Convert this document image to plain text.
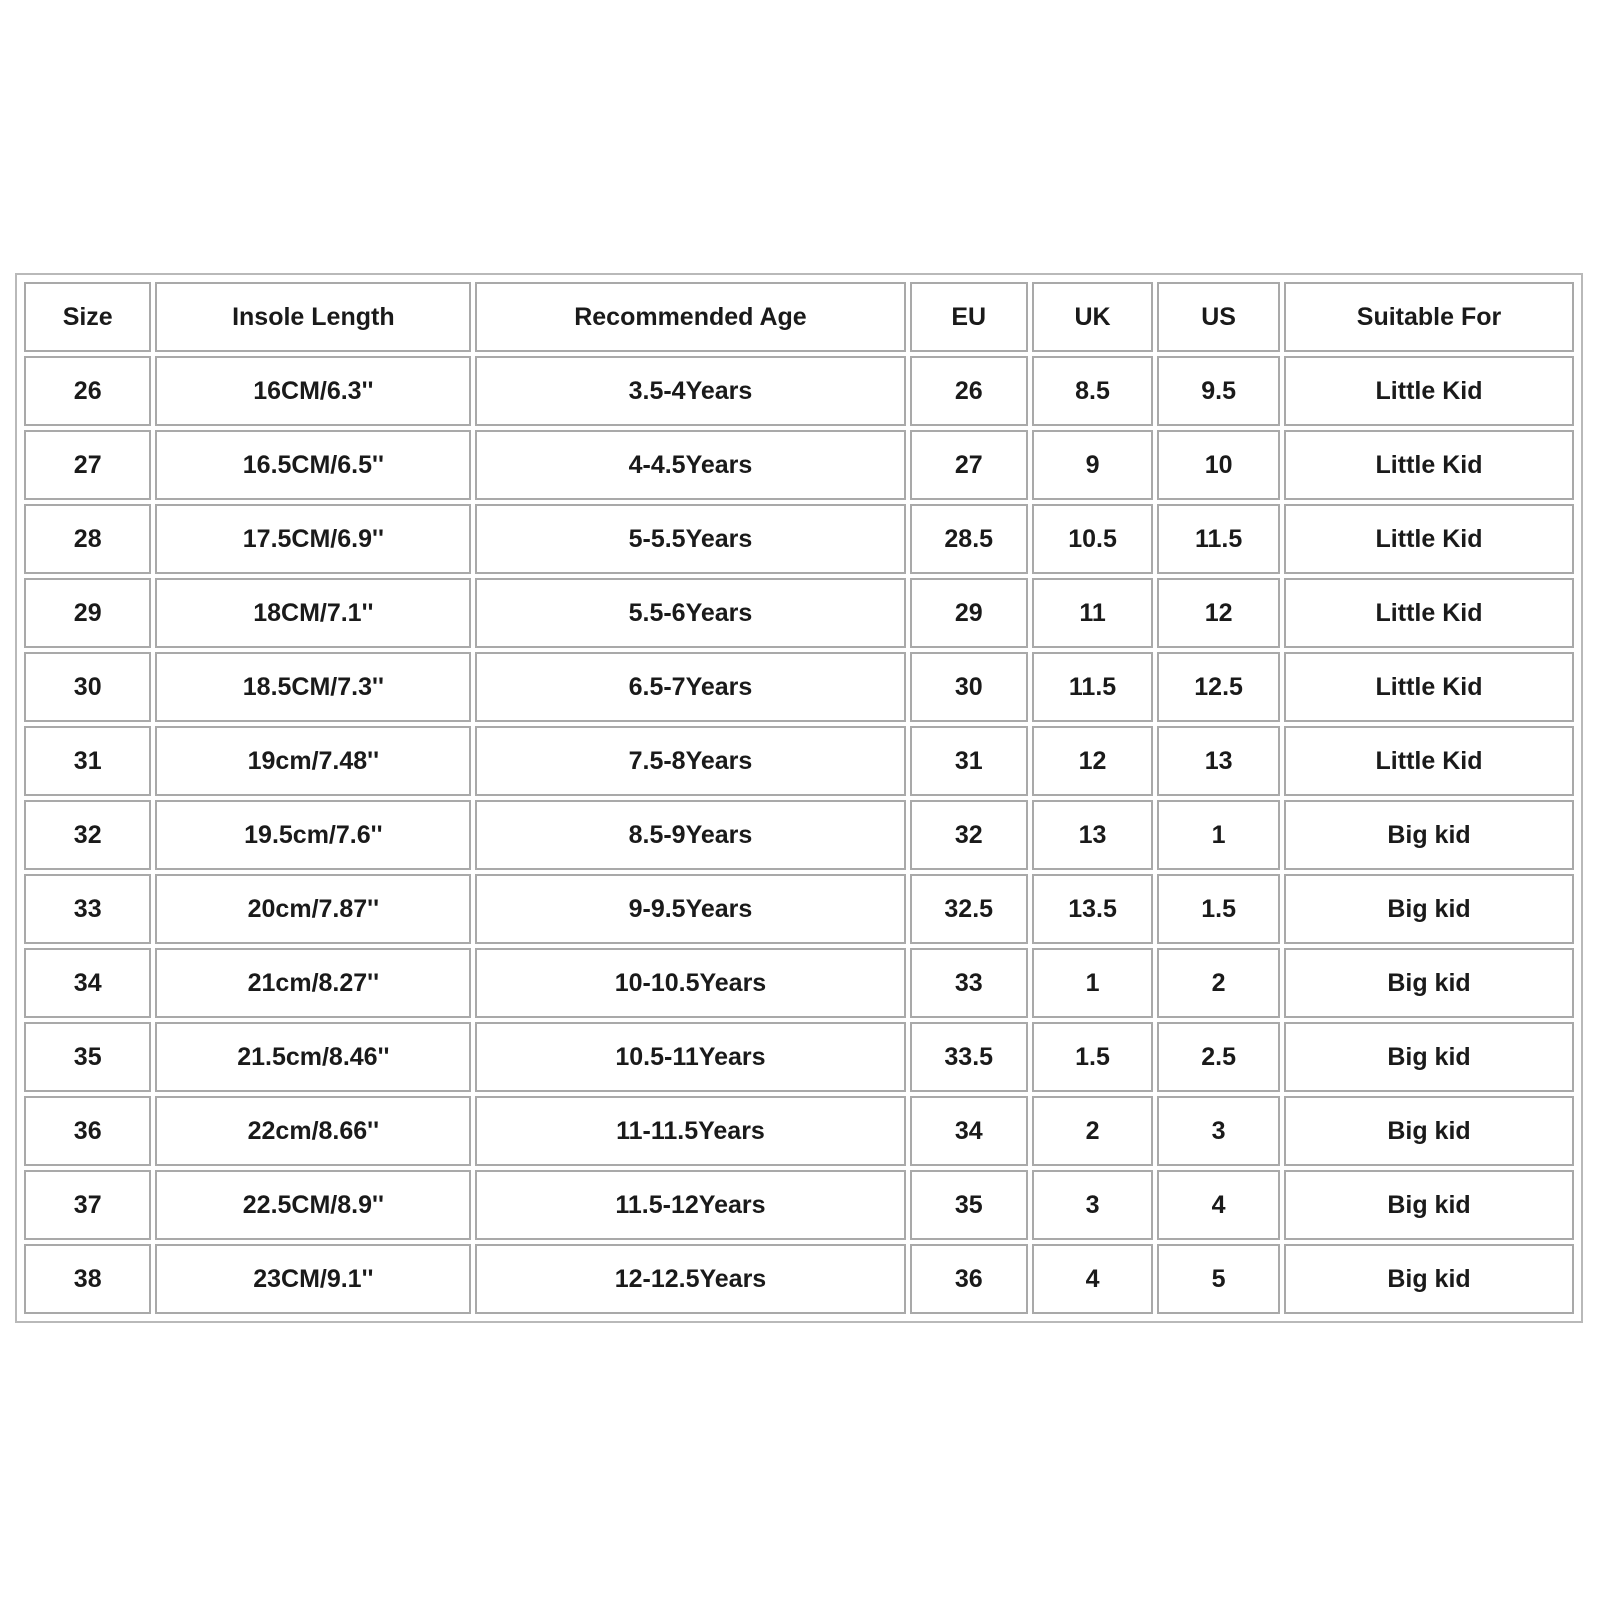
Size	Insole Length	Recommended Age	EU	UK	US	Suitable For
26	16CM/6.3''	3.5-4Years	26	8.5	9.5	Little Kid
27	16.5CM/6.5''	4-4.5Years	27	9	10	Little Kid
28	17.5CM/6.9''	5-5.5Years	28.5	10.5	11.5	Little Kid
29	18CM/7.1''	5.5-6Years	29	11	12	Little Kid
30	18.5CM/7.3''	6.5-7Years	30	11.5	12.5	Little Kid
31	19cm/7.48''	7.5-8Years	31	12	13	Little Kid
32	19.5cm/7.6''	8.5-9Years	32	13	1	Big kid
33	20cm/7.87''	9-9.5Years	32.5	13.5	1.5	Big kid
34	21cm/8.27''	10-10.5Years	33	1	2	Big kid
35	21.5cm/8.46''	10.5-11Years	33.5	1.5	2.5	Big kid
36	22cm/8.66''	11-11.5Years	34	2	3	Big kid
37	22.5CM/8.9''	11.5-12Years	35	3	4	Big kid
38	23CM/9.1''	12-12.5Years	36	4	5	Big kid
